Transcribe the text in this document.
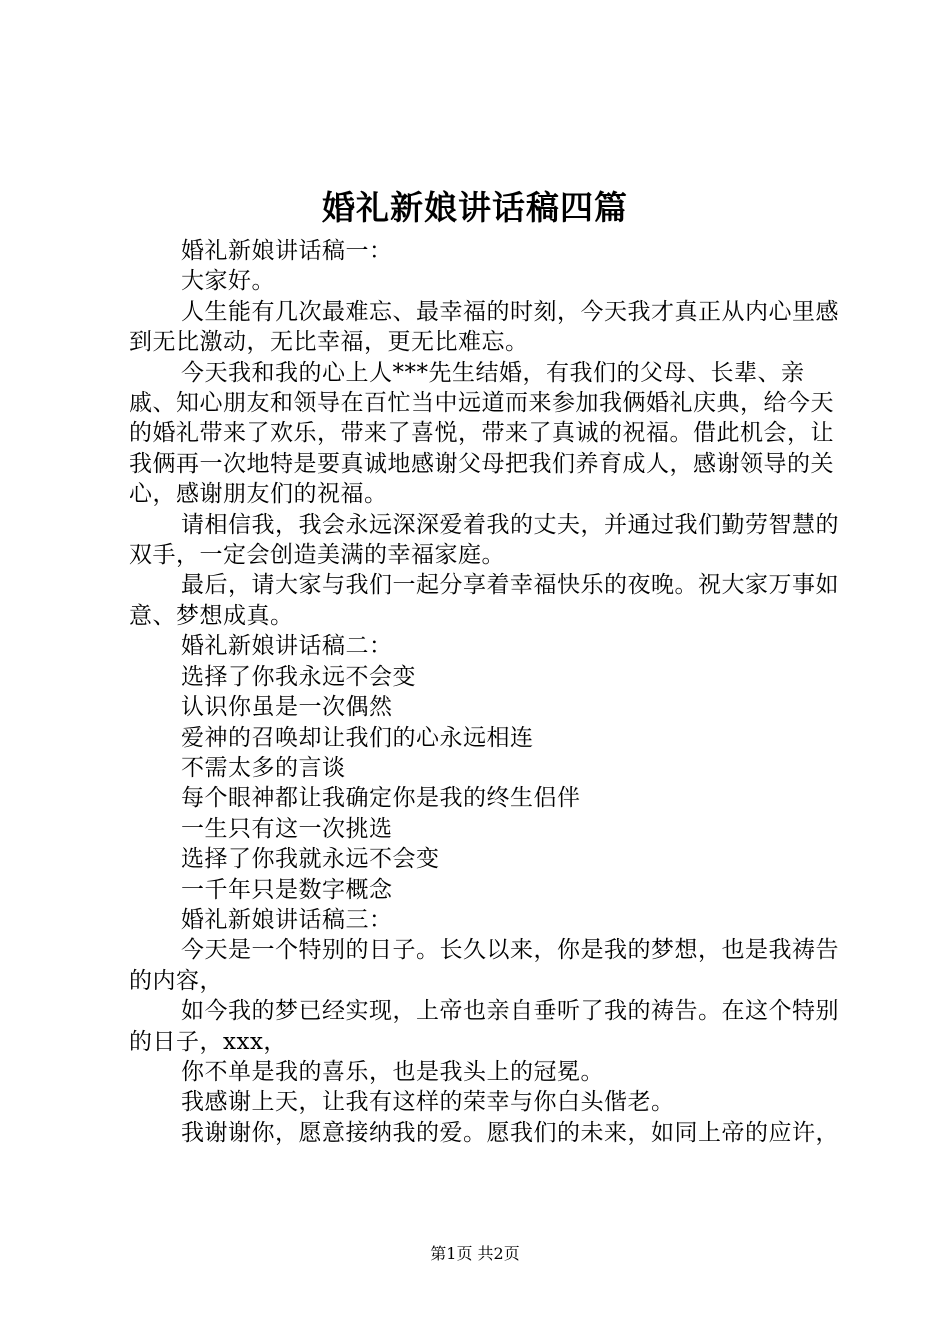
婚礼新娘讲话稿四篇

婚礼新娘讲话稿一：

大家好。

人生能有几次最难忘、最幸福的时刻，今天我才真正从内心里感到无比激动，无比幸福，更无比难忘。

今天我和我的心上人***先生结婚，有我们的父母、长辈、亲戚、知心朋友和领导在百忙当中远道而来参加我俩婚礼庆典，给今天的婚礼带来了欢乐，带来了喜悦，带来了真诚的祝福。借此机会，让我俩再一次地特是要真诚地感谢父母把我们养育成人，感谢领导的关心，感谢朋友们的祝福。

请相信我，我会永远深深爱着我的丈夫，并通过我们勤劳智慧的双手，一定会创造美满的幸福家庭。

最后，请大家与我们一起分享着幸福快乐的夜晚。祝大家万事如意、梦想成真。

婚礼新娘讲话稿二：

选择了你我永远不会变

认识你虽是一次偶然

爱神的召唤却让我们的心永远相连

不需太多的言谈

每个眼神都让我确定你是我的终生侣伴

一生只有这一次挑选

选择了你我就永远不会变

一千年只是数字概念

婚礼新娘讲话稿三：

今天是一个特别的日子。长久以来，你是我的梦想，也是我祷告的内容，

如今我的梦已经实现，上帝也亲自垂听了我的祷告。在这个特别的日子，xxx，

你不单是我的喜乐，也是我头上的冠冕。

我感谢上天，让我有这样的荣幸与你白头偕老。

我谢谢你，愿意接纳我的爱。愿我们的未来，如同上帝的应许，

第1页 共2页
